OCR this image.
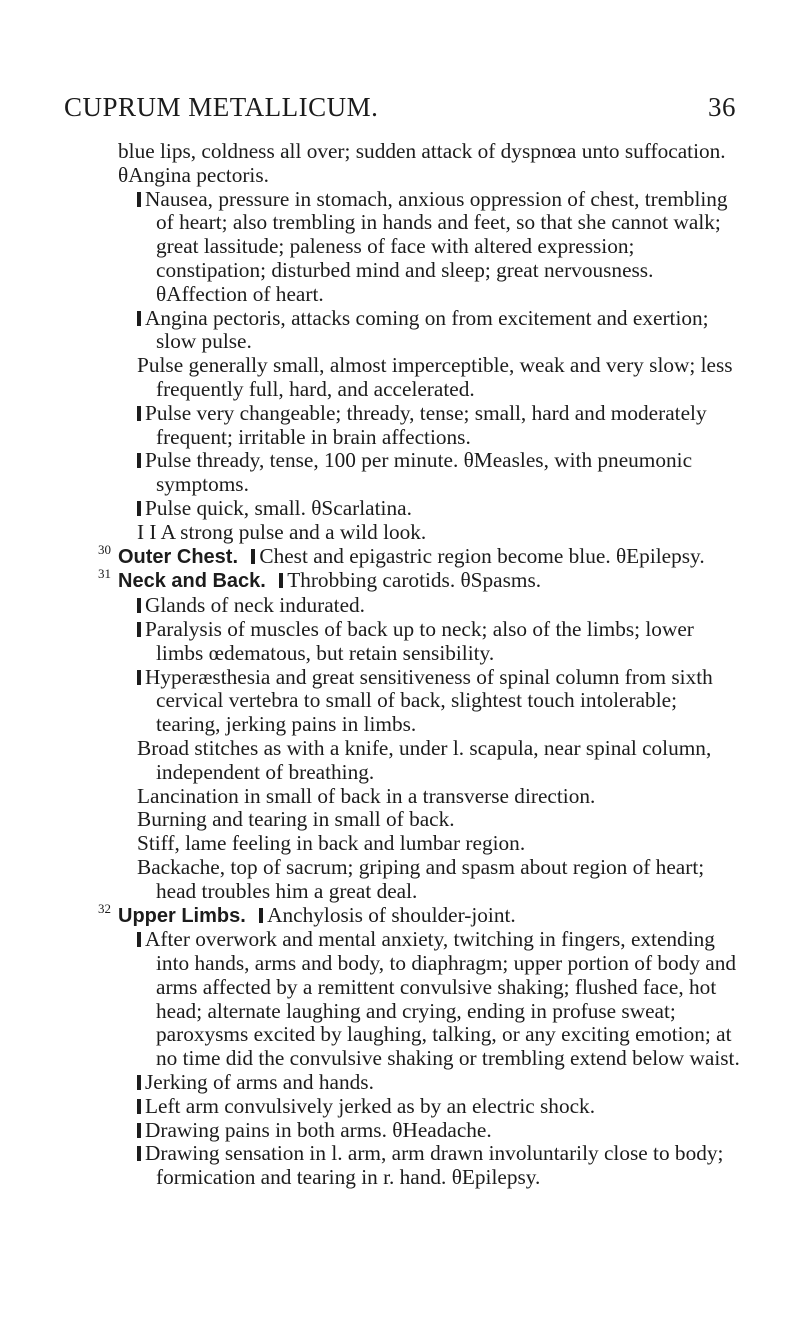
CUPRUM METALLICUM.	36
blue lips, coldness all over; sudden attack of dyspnœa unto suffocation. θAngina pectoris.
Nausea, pressure in stomach, anxious oppression of chest, trembling of heart; also trembling in hands and feet, so that she cannot walk; great lassitude; paleness of face with altered expression; constipation; disturbed mind and sleep; great nervousness. θAffection of heart.
Angina pectoris, attacks coming on from excitement and exertion; slow pulse.
Pulse generally small, almost imperceptible, weak and very slow; less frequently full, hard, and accelerated.
Pulse very changeable; thready, tense; small, hard and moderately frequent; irritable in brain affections.
Pulse thready, tense, 100 per minute. θMeasles, with pneumonic symptoms.
Pulse quick, small. θScarlatina.
I I A strong pulse and a wild look.
30 Outer Chest. Chest and epigastric region become blue. θEpilepsy.
31 Neck and Back. Throbbing carotids. θSpasms.
Glands of neck indurated.
Paralysis of muscles of back up to neck; also of the limbs; lower limbs œdematous, but retain sensibility.
Hyperæsthesia and great sensitiveness of spinal column from sixth cervical vertebra to small of back, slightest touch intolerable; tearing, jerking pains in limbs.
Broad stitches as with a knife, under l. scapula, near spinal column, independent of breathing.
Lancination in small of back in a transverse direction.
Burning and tearing in small of back.
Stiff, lame feeling in back and lumbar region.
Backache, top of sacrum; griping and spasm about region of heart; head troubles him a great deal.
32 Upper Limbs. Anchylosis of shoulder-joint.
After overwork and mental anxiety, twitching in fingers, extending into hands, arms and body, to diaphragm; upper portion of body and arms affected by a remittent convulsive shaking; flushed face, hot head; alternate laughing and crying, ending in profuse sweat; paroxysms excited by laughing, talking, or any exciting emotion; at no time did the convulsive shaking or trembling extend below waist.
Jerking of arms and hands.
Left arm convulsively jerked as by an electric shock.
Drawing pains in both arms. θHeadache.
Drawing sensation in l. arm, arm drawn involuntarily close to body; formication and tearing in r. hand. θEpilepsy.
